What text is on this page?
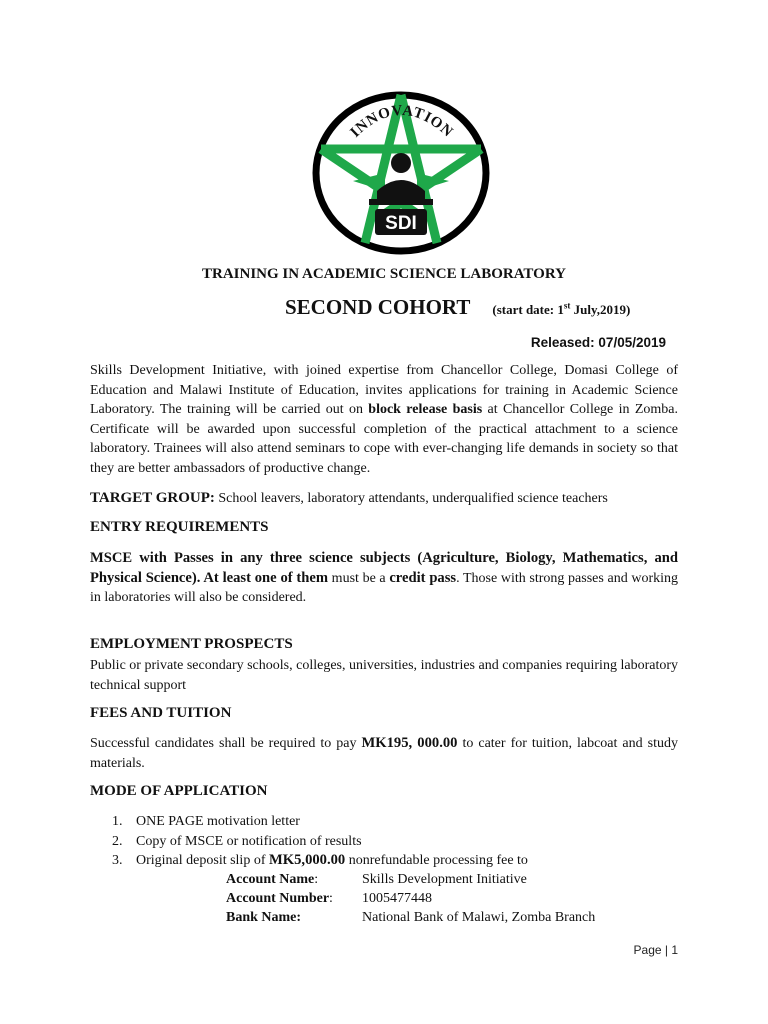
SDI
INNOVATION
TRAINING IN ACADEMIC SCIENCE LABORATORY
SECOND COHORT (start date: 1st July,2019)
Released: 07/05/2019
Skills Development Initiative, with joined expertise from Chancellor College, Domasi College of Education and Malawi Institute of Education, invites applications for training in Academic Science Laboratory. The training will be carried out on block release basis at Chancellor College in Zomba. Certificate will be awarded upon successful completion of the practical attachment to a science laboratory. Trainees will also attend seminars to cope with ever-changing life demands in society so that they are better ambassadors of productive change.
TARGET GROUP: School leavers, laboratory attendants, underqualified science teachers
ENTRY REQUIREMENTS
MSCE with Passes in any three science subjects (Agriculture, Biology, Mathematics, and Physical Science). At least one of them must be a credit pass. Those with strong passes and working in laboratories will also be considered.
EMPLOYMENT PROSPECTS
Public or private secondary schools, colleges, universities, industries and companies requiring laboratory technical support
FEES AND TUITION
Successful candidates shall be required to pay MK195, 000.00 to cater for tuition, labcoat and study materials.
MODE OF APPLICATION
1. ONE PAGE motivation letter
2. Copy of MSCE or notification of results
3. Original deposit slip of MK5,000.00 nonrefundable processing fee to
Account Name:	Skills Development Initiative
Account Number:	1005477448
Bank Name:	National Bank of Malawi, Zomba Branch
Page | 1
